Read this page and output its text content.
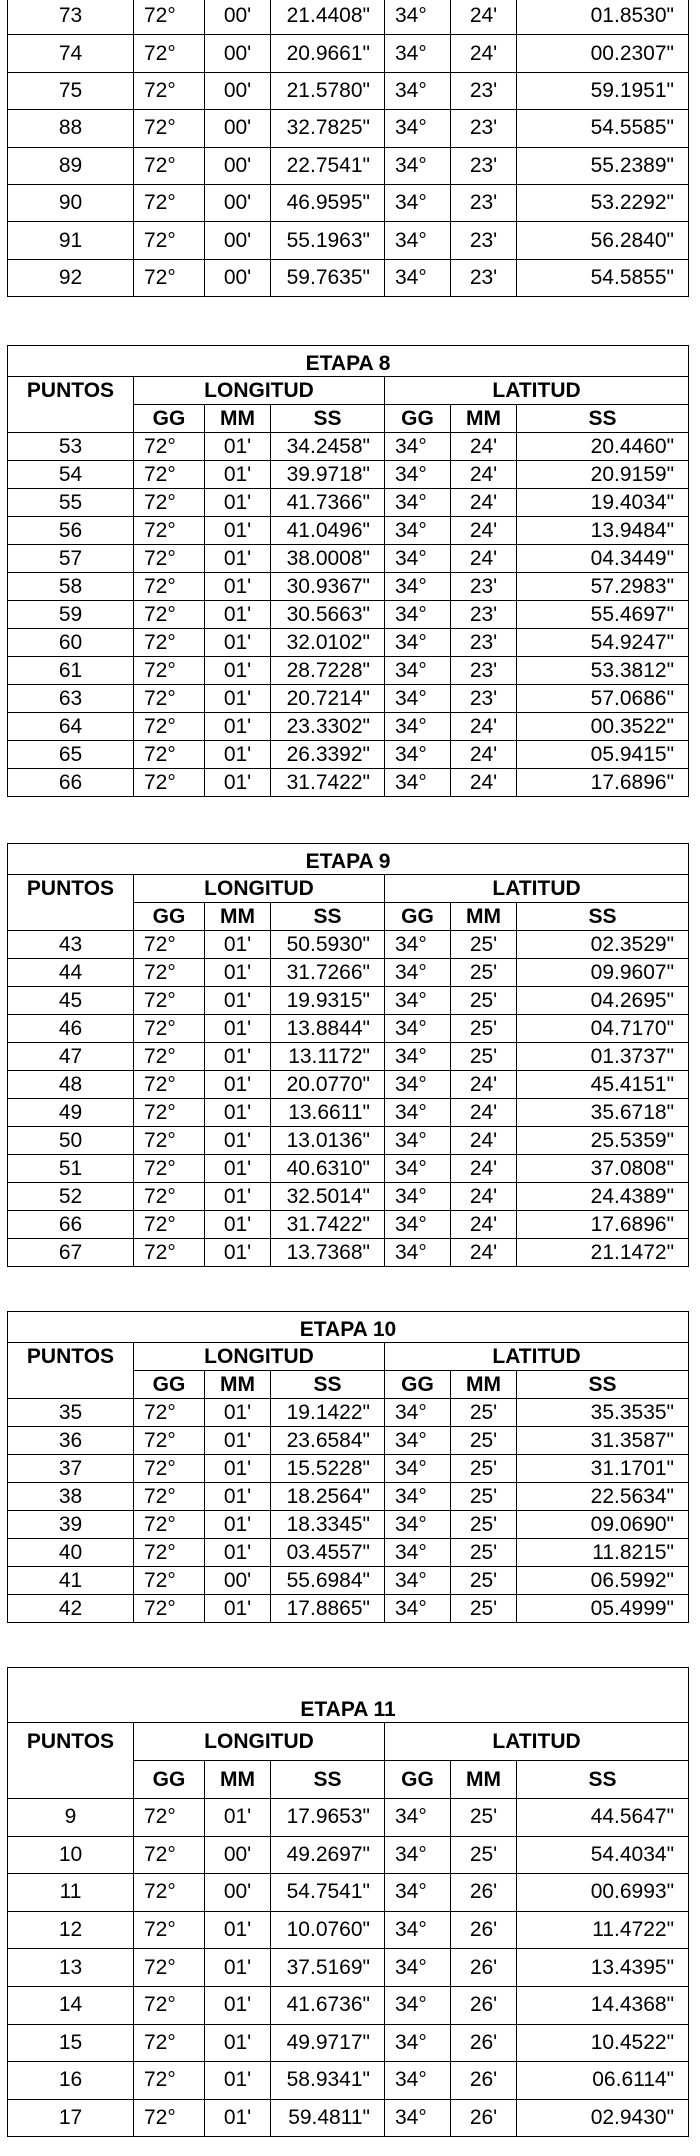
73	72°	00'	21.4408"	34°	24'	01.8530"
74	72°	00'	20.9661"	34°	24'	00.2307"
75	72°	00'	21.5780"	34°	23'	59.1951"
88	72°	00'	32.7825"	34°	23'	54.5585"
89	72°	00'	22.7541"	34°	23'	55.2389"
90	72°	00'	46.9595"	34°	23'	53.2292"
91	72°	00'	55.1963"	34°	23'	56.2840"
92	72°	00'	59.7635"	34°	23'	54.5855"
ETAPA 8						
PUNTOS	LONGITUD			LATITUD		
	GG	MM	SS	GG	MM	SS
53	72°	01'	34.2458"	34°	24'	20.4460"
54	72°	01'	39.9718"	34°	24'	20.9159"
55	72°	01'	41.7366"	34°	24'	19.4034"
56	72°	01'	41.0496"	34°	24'	13.9484"
57	72°	01'	38.0008"	34°	24'	04.3449"
58	72°	01'	30.9367"	34°	23'	57.2983"
59	72°	01'	30.5663"	34°	23'	55.4697"
60	72°	01'	32.0102"	34°	23'	54.9247"
61	72°	01'	28.7228"	34°	23'	53.3812"
63	72°	01'	20.7214"	34°	23'	57.0686"
64	72°	01'	23.3302"	34°	24'	00.3522"
65	72°	01'	26.3392"	34°	24'	05.9415"
66	72°	01'	31.7422"	34°	24'	17.6896"
ETAPA 9						
PUNTOS	LONGITUD			LATITUD		
	GG	MM	SS	GG	MM	SS
43	72°	01'	50.5930"	34°	25'	02.3529"
44	72°	01'	31.7266"	34°	25'	09.9607"
45	72°	01'	19.9315"	34°	25'	04.2695"
46	72°	01'	13.8844"	34°	25'	04.7170"
47	72°	01'	13.1172"	34°	25'	01.3737"
48	72°	01'	20.0770"	34°	24'	45.4151"
49	72°	01'	13.6611"	34°	24'	35.6718"
50	72°	01'	13.0136"	34°	24'	25.5359"
51	72°	01'	40.6310"	34°	24'	37.0808"
52	72°	01'	32.5014"	34°	24'	24.4389"
66	72°	01'	31.7422"	34°	24'	17.6896"
67	72°	01'	13.7368"	34°	24'	21.1472"
ETAPA 10						
PUNTOS	LONGITUD			LATITUD		
	GG	MM	SS	GG	MM	SS
35	72°	01'	19.1422"	34°	25'	35.3535"
36	72°	01'	23.6584"	34°	25'	31.3587"
37	72°	01'	15.5228"	34°	25'	31.1701"
38	72°	01'	18.2564"	34°	25'	22.5634"
39	72°	01'	18.3345"	34°	25'	09.0690"
40	72°	01'	03.4557"	34°	25'	11.8215"
41	72°	00'	55.6984"	34°	25'	06.5992"
42	72°	01'	17.8865"	34°	25'	05.4999"
ETAPA 11						
PUNTOS	LONGITUD			LATITUD		
	GG	MM	SS	GG	MM	SS
9	72°	01'	17.9653"	34°	25'	44.5647"
10	72°	00'	49.2697"	34°	25'	54.4034"
11	72°	00'	54.7541"	34°	26'	00.6993"
12	72°	01'	10.0760"	34°	26'	11.4722"
13	72°	01'	37.5169"	34°	26'	13.4395"
14	72°	01'	41.6736"	34°	26'	14.4368"
15	72°	01'	49.9717"	34°	26'	10.4522"
16	72°	01'	58.9341"	34°	26'	06.6114"
17	72°	01'	59.4811"	34°	26'	02.9430"
